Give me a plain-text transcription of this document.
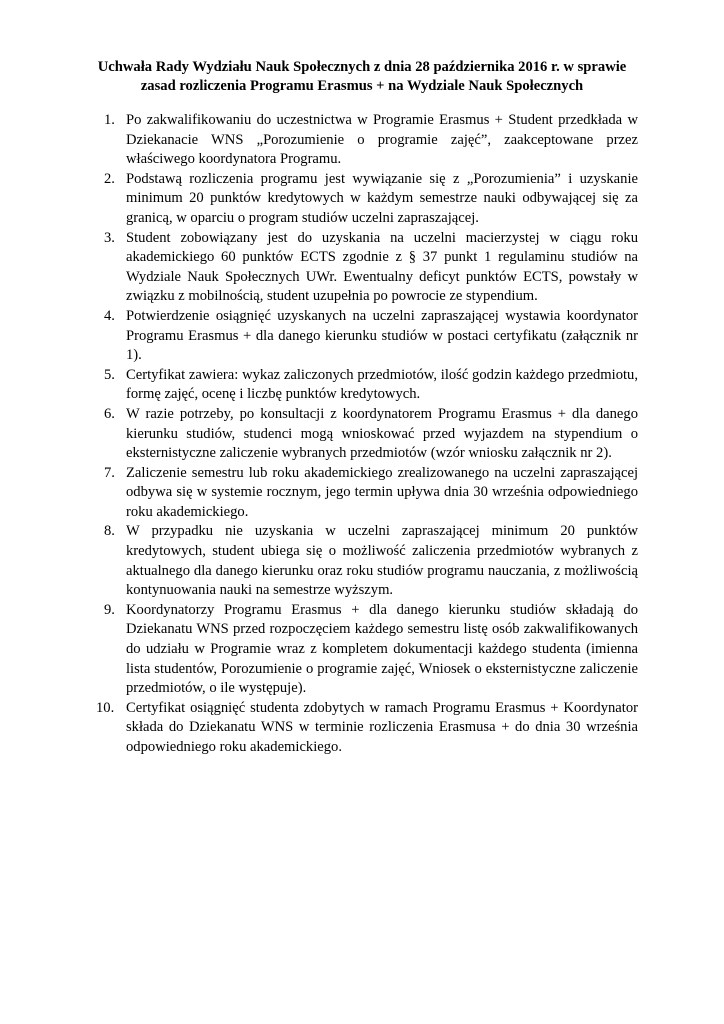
Uchwała Rady Wydziału Nauk Społecznych z dnia 28 października 2016 r. w sprawie
zasad rozliczenia Programu Erasmus + na Wydziale Nauk Społecznych
1. Po zakwalifikowaniu do uczestnictwa w Programie Erasmus + Student przedkłada w Dziekanacie WNS „Porozumienie o programie zajęć”, zaakceptowane przez właściwego koordynatora Programu.
2. Podstawą rozliczenia programu jest wywiązanie się z „Porozumienia” i uzyskanie minimum 20 punktów kredytowych w każdym semestrze nauki odbywającej się za granicą, w oparciu o program studiów uczelni zapraszającej.
3. Student zobowiązany jest do uzyskania na uczelni macierzystej w ciągu roku akademickiego 60 punktów ECTS zgodnie z § 37 punkt 1 regulaminu studiów na Wydziale Nauk Społecznych UWr. Ewentualny deficyt punktów ECTS, powstały w związku z mobilnością, student uzupełnia po powrocie ze stypendium.
4. Potwierdzenie osiągnięć uzyskanych na uczelni zapraszającej wystawia koordynator Programu Erasmus + dla danego kierunku studiów w postaci certyfikatu (załącznik nr 1).
5. Certyfikat zawiera: wykaz zaliczonych przedmiotów, ilość godzin każdego przedmiotu, formę zajęć, ocenę i liczbę punktów kredytowych.
6. W razie potrzeby, po konsultacji z koordynatorem Programu Erasmus + dla danego kierunku studiów, studenci mogą wnioskować przed wyjazdem na stypendium o eksternistyczne zaliczenie wybranych przedmiotów (wzór wniosku załącznik nr 2).
7. Zaliczenie semestru lub roku akademickiego zrealizowanego na uczelni zapraszającej odbywa się w systemie rocznym, jego termin upływa dnia 30 września odpowiedniego roku akademickiego.
8. W przypadku nie uzyskania w uczelni zapraszającej minimum 20 punktów kredytowych, student ubiega się o możliwość zaliczenia przedmiotów wybranych z aktualnego dla danego kierunku oraz roku studiów programu nauczania, z możliwością kontynuowania nauki na semestrze wyższym.
9. Koordynatorzy Programu Erasmus + dla danego kierunku studiów składają do Dziekanatu WNS przed rozpoczęciem każdego semestru listę osób zakwalifikowanych do udziału w Programie wraz z kompletem dokumentacji każdego studenta (imienna lista studentów, Porozumienie o programie zajęć, Wniosek o eksternistyczne zaliczenie przedmiotów, o ile występuje).
10. Certyfikat osiągnięć studenta zdobytych w ramach Programu Erasmus + Koordynator składa do Dziekanatu WNS w terminie rozliczenia Erasmusa + do dnia 30 września odpowiedniego roku akademickiego.
